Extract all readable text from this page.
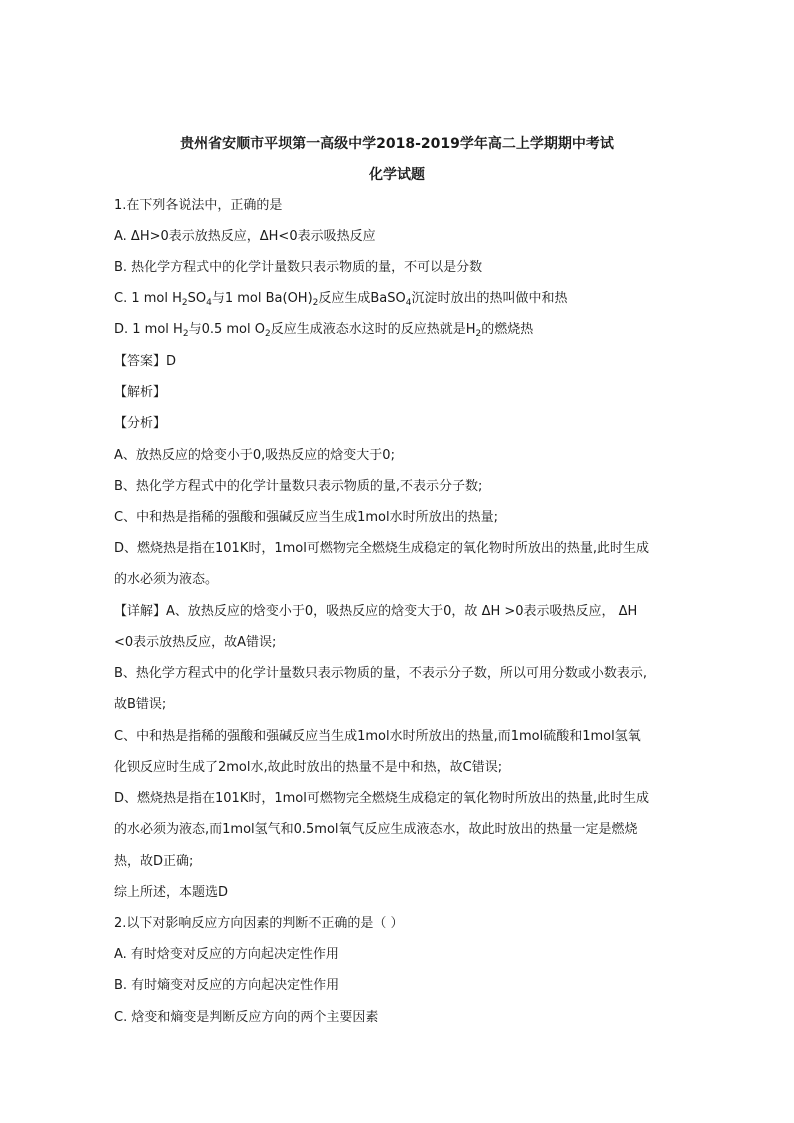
贵州省安顺市平坝第一高级中学2018-2019学年高二上学期期中考试
化学试题
1.在下列各说法中，正确的是
A. ΔH>0表示放热反应，ΔH<0表示吸热反应
B. 热化学方程式中的化学计量数只表示物质的量，不可以是分数
C. 1 mol $H_2SO_4$与1 mol $Ba(OH)_2$反应生成BaSO$_4$沉淀时放出的热叫做中和热
D. 1 mol $H_2$与0.5 mol $O_2$反应生成液态水这时的反应热就是$H_2$的燃烧热
【答案】D
【解析】
【分析】
A、放热反应的焓变小于0,吸热反应的焓变大于0;
B、热化学方程式中的化学计量数只表示物质的量,不表示分子数;
C、中和热是指稀的强酸和强碱反应当生成1mol水时所放出的热量;
D、燃烧热是指在101K时，1mol可燃物完全燃烧生成稳定的氧化物时所放出的热量,此时生成
的水必须为液态。
【详解】A、放热反应的焓变小于0，吸热反应的焓变大于0，故 ΔH >0表示吸热反应， ΔH
<0表示放热反应，故A错误;
B、热化学方程式中的化学计量数只表示物质的量，不表示分子数，所以可用分数或小数表示,
故B错误;
C、中和热是指稀的强酸和强碱反应当生成1mol水时所放出的热量,而1mol硫酸和1mol氢氧
化钡反应时生成了2mol水,故此时放出的热量不是中和热，故C错误;
D、燃烧热是指在101K时，1mol可燃物完全燃烧生成稳定的氧化物时所放出的热量,此时生成
的水必须为液态,而1mol氢气和0.5mol氧气反应生成液态水，故此时放出的热量一定是燃烧
热，故D正确;
综上所述，本题选D
2.以下对影响反应方向因素的判断不正确的是（ ）
A. 有时焓变对反应的方向起决定性作用
B. 有时熵变对反应的方向起决定性作用
C. 焓变和熵变是判断反应方向的两个主要因素
